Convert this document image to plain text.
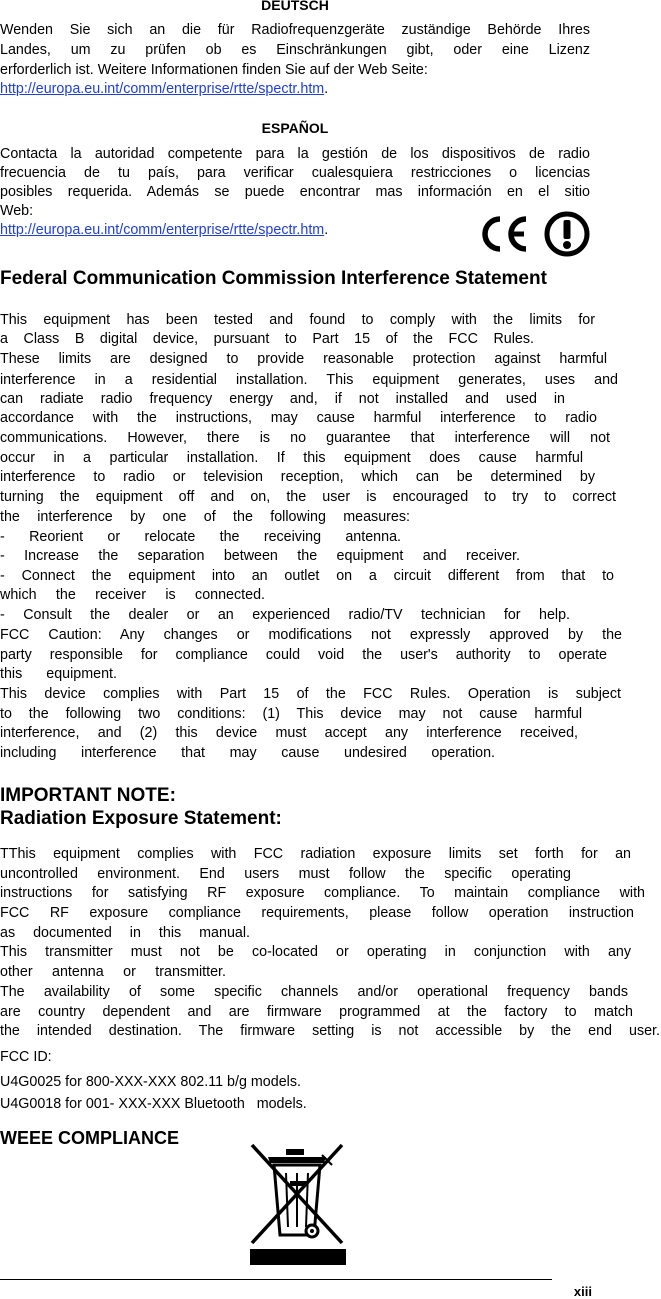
DEUTSCH
Wenden Sie sich an die für Radiofrequenzgeräte zuständige Behörde Ihres
Landes, um zu prüfen ob es Einschränkungen gibt, oder eine Lizenz
erforderlich ist. Weitere Informationen finden Sie auf der Web Seite:
http://europa.eu.int/comm/enterprise/rtte/spectr.htm.
ESPAÑOL
Contacta la autoridad competente para la gestión de los dispositivos de radio
frecuencia de tu país, para verificar cualesquiera restricciones o licencias
posibles requerida. Además se puede encontrar mas información en el sitio
Web:
http://europa.eu.int/comm/enterprise/rtte/spectr.htm.
Federal Communication Commission Interference Statement
This equipment has been tested and found to comply with the limits for
a Class B digital device, pursuant to Part 15 of the FCC Rules.
These limits are designed to provide reasonable protection against harmful
interference in a residential installation. This equipment generates, uses and
can radiate radio frequency energy and, if not installed and used in
accordance with the instructions, may cause harmful interference to radio
communications. However, there is no guarantee that interference will not
occur in a particular installation. If this equipment does cause harmful
interference to radio or television reception, which can be determined by
turning the equipment off and on, the user is encouraged to try to correct
the interference by one of the following measures:
- Reorient or relocate the receiving antenna.
- Increase the separation between the equipment and receiver.
- Connect the equipment into an outlet on a circuit different from that to
which the receiver is connected.
- Consult the dealer or an experienced radio/TV technician for help.
FCC Caution: Any changes or modifications not expressly approved by the
party responsible for compliance could void the user's authority to operate
this equipment.
This device complies with Part 15 of the FCC Rules. Operation is subject
to the following two conditions: (1) This device may not cause harmful
interference, and (2) this device must accept any interference received,
including interference that may cause undesired operation.
IMPORTANT NOTE:
Radiation Exposure Statement:
TThis equipment complies with FCC radiation exposure limits set forth for an
uncontrolled environment. End users must follow the specific operating
instructions for satisfying RF exposure compliance. To maintain compliance with
FCC RF exposure compliance requirements, please follow operation instruction
as documented in this manual.
This transmitter must not be co-located or operating in conjunction with any
other antenna or transmitter.
The availability of some specific channels and/or operational frequency bands
are country dependent and are firmware programmed at the factory to match
the intended destination. The firmware setting is not accessible by the end user.
FCC ID:
U4G0025 for 800-XXX-XXX 802.11 b/g models.
U4G0018 for 001- XXX-XXX Bluetooth   models.
WEEE COMPLIANCE
xiii
